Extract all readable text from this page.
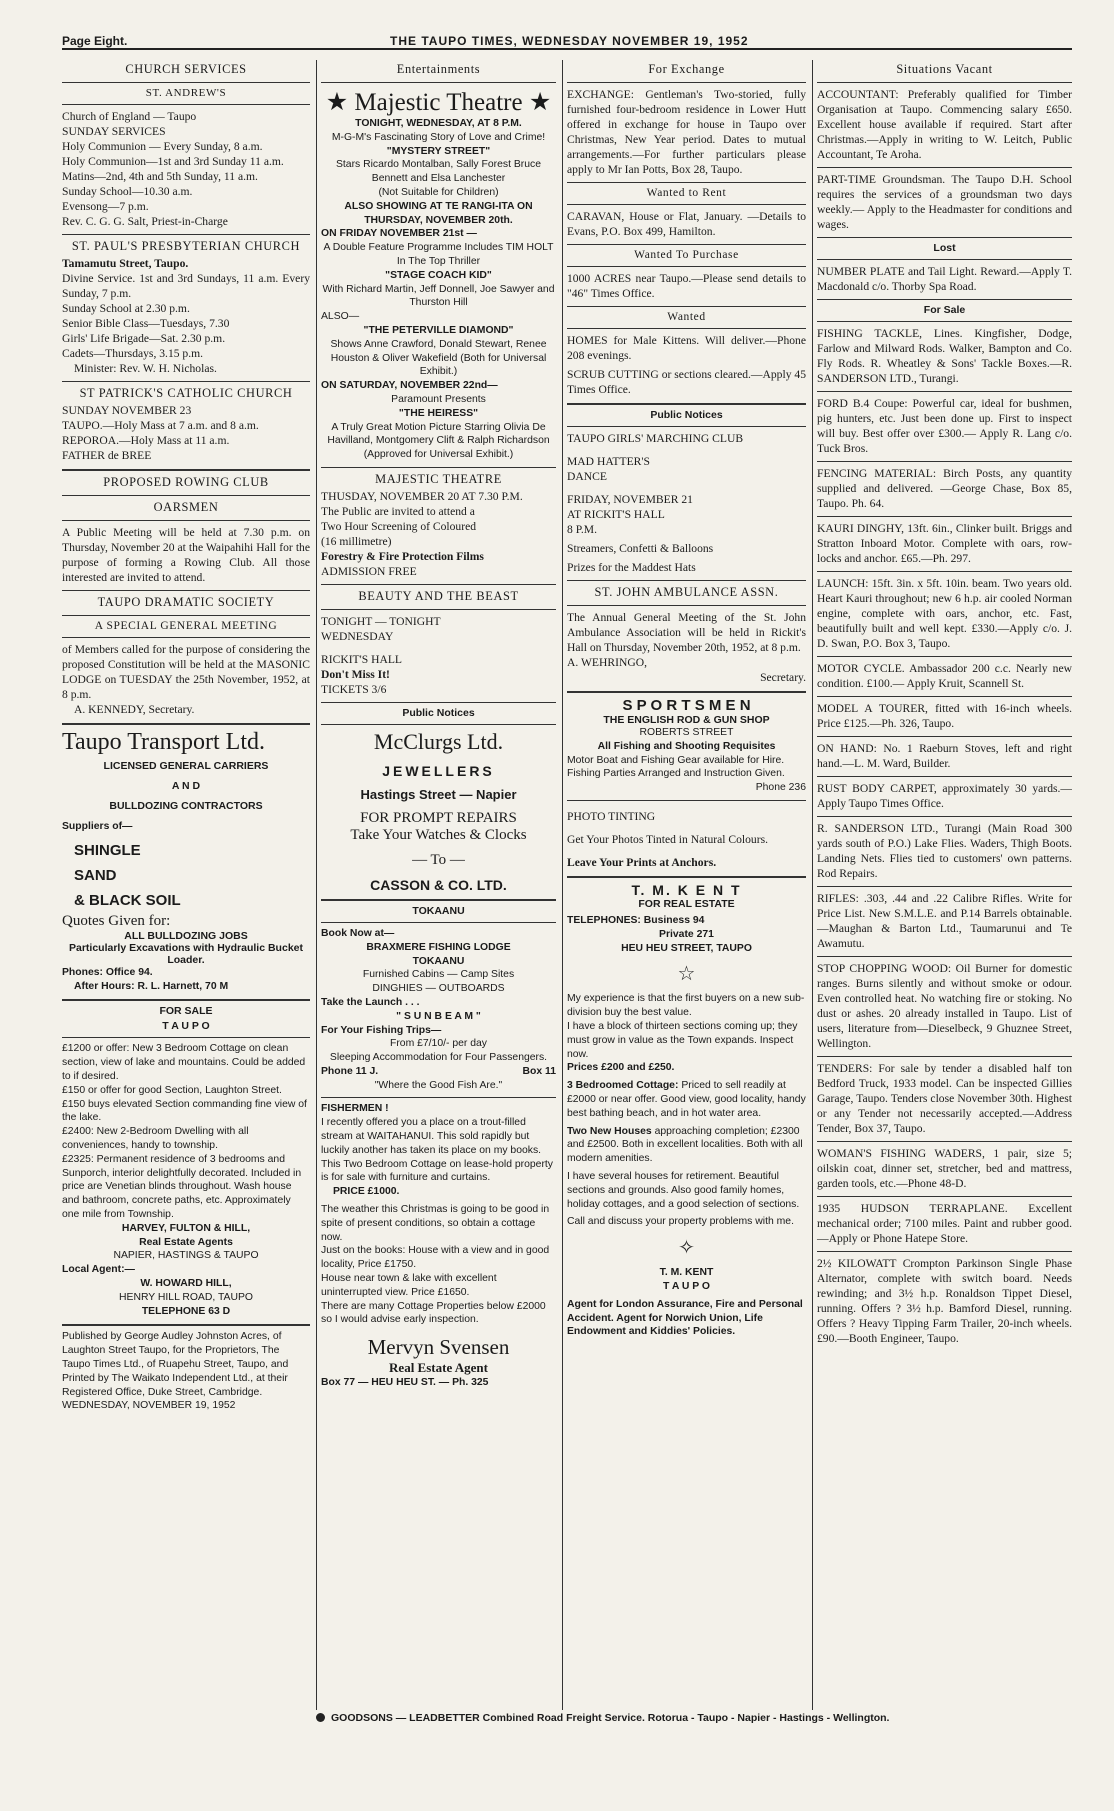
Page Eight.	THE TAUPO TIMES, WEDNESDAY NOVEMBER 19, 1952
CHURCH SERVICES
ST. ANDREW'S
Church of England — Taupo
SUNDAY SERVICES
Holy Communion — Every Sunday, 8 a.m.
Holy Communion—1st and 3rd Sunday 11 a.m.
Matins—2nd, 4th and 5th Sunday, 11 a.m.
Sunday School—10.30 a.m.
Evensong—7 p.m.
Rev. C. G. G. Salt, Priest-in-Charge
ST. PAUL'S PRESBYTERIAN CHURCH
Tamamutu Street, Taupo.
Divine Service. 1st and 3rd Sundays, 11 a.m. Every Sunday, 7 p.m.
Sunday School at 2.30 p.m.
Senior Bible Class—Tuesdays, 7.30
Girls' Life Brigade—Sat. 2.30 p.m.
Cadets—Thursdays, 3.15 p.m.
Minister: Rev. W. H. Nicholas.
ST PATRICK'S CATHOLIC CHURCH
SUNDAY NOVEMBER 23
TAUPO.—Holy Mass at 7 a.m. and 8 a.m.
REPOROA.—Holy Mass at 11 a.m.
FATHER de BREE
PROPOSED ROWING CLUB
OARSMEN
A Public Meeting will be held at 7.30 p.m. on Thursday, November 20 at the Waipahihi Hall for the purpose of forming a Rowing Club. All those interested are invited to attend.
TAUPO DRAMATIC SOCIETY
A SPECIAL GENERAL MEETING
of Members called for the purpose of considering the proposed Constitution will be held at the MASONIC LODGE on TUESDAY the 25th November, 1952, at 8 p.m.
A. KENNEDY, Secretary.
Taupo Transport Ltd.
LICENSED GENERAL CARRIERS
A N D
BULLDOZING CONTRACTORS
Suppliers of—
SHINGLE
SAND
& BLACK SOIL
Quotes Given for:
ALL BULLDOZING JOBS
Particularly Excavations with Hydraulic Bucket Loader.
Phones: Office 94.
After Hours: R. L. Harnett, 70 M
FOR SALE
T A U P O
£1200 or offer: New 3 Bedroom Cottage on clean section, view of lake and mountains. Could be added to if desired.
£150 or offer for good Section, Laughton Street.
£150 buys elevated Section commanding fine view of the lake.
£2400: New 2-Bedroom Dwelling with all conveniences, handy to township.
£2325: Permanent residence of 3 bedrooms and Sunporch, interior delightfully decorated. Included in price are Venetian blinds throughout. Wash house and bathroom, concrete paths, etc. Approximately one mile from Township.
HARVEY, FULTON & HILL,
Real Estate Agents
NAPIER, HASTINGS & TAUPO
Local Agent:—
W. HOWARD HILL,
HENRY HILL ROAD, TAUPO
TELEPHONE 63 D
Published by George Audley Johnston Acres, of Laughton Street Taupo, for the Proprietors, The Taupo Times Ltd., of Ruapehu Street, Taupo, and Printed by The Waikato Independent Ltd., at their Registered Office, Duke Street, Cambridge.
WEDNESDAY, NOVEMBER 19, 1952
Entertainments
★ Majestic Theatre ★
TONIGHT, WEDNESDAY, AT 8 P.M.
M-G-M's Fascinating Story of Love and Crime!
"MYSTERY STREET"
Stars Ricardo Montalban, Sally Forest Bruce Bennett and Elsa Lanchester
(Not Suitable for Children)
ALSO SHOWING AT TE RANGI-ITA ON THURSDAY, NOVEMBER 20th.
ON FRIDAY NOVEMBER 21st —
A Double Feature Programme Includes TIM HOLT In The Top Thriller
"STAGE COACH KID"
With Richard Martin, Jeff Donnell, Joe Sawyer and Thurston Hill
ALSO—
"THE PETERVILLE DIAMOND"
Shows Anne Crawford, Donald Stewart, Renee Houston & Oliver Wakefield (Both for Universal Exhibit.)
ON SATURDAY, NOVEMBER 22nd—
Paramount Presents
"THE HEIRESS"
A Truly Great Motion Picture Starring Olivia De Havilland, Montgomery Clift & Ralph Richardson (Approved for Universal Exhibit.)
MAJESTIC THEATRE
THUSDAY, NOVEMBER 20 AT 7.30 P.M.
The Public are invited to attend a
Two Hour Screening of Coloured
(16 millimetre)
Forestry & Fire Protection Films
ADMISSION FREE
BEAUTY AND THE BEAST
TONIGHT — TONIGHT
WEDNESDAY
RICKIT'S HALL
Don't Miss It!
TICKETS 3/6
Public Notices
McClurgs Ltd.
JEWELLERS
Hastings Street — Napier
FOR PROMPT REPAIRS
Take Your Watches & Clocks
— To —
CASSON & CO. LTD.
TOKAANU
Book Now at—
BRAXMERE FISHING LODGE
TOKAANU
Furnished Cabins — Camp Sites
DINGHIES — OUTBOARDS
Take the Launch . . .
" S U N B E A M "
For Your Fishing Trips—
From £7/10/- per day
Sleeping Accommodation for Four Passengers.
Phone 11 J.	Box 11
"Where the Good Fish Are."
FISHERMEN !
I recently offered you a place on a trout-filled stream at WAITAHANUI. This sold rapidly but luckily another has taken its place on my books. This Two Bedroom Cottage on lease-hold property is for sale with furniture and curtains.
PRICE £1000.
The weather this Christmas is going to be good in spite of present conditions, so obtain a cottage now.
Just on the books: House with a view and in good locality, Price £1750.
House near town & lake with excellent uninterrupted view. Price £1650.
There are many Cottage Properties below £2000 so I would advise early inspection.
Mervyn Svensen
Real Estate Agent
Box 77 — HEU HEU ST. — Ph. 325
For Exchange
EXCHANGE: Gentleman's Two-storied, fully furnished four-bedroom residence in Lower Hutt offered in exchange for house in Taupo over Christmas, New Year period. Dates to mutual arrangements.—For further particulars please apply to Mr Ian Potts, Box 28, Taupo.
Wanted to Rent
CARAVAN, House or Flat, January. —Details to Evans, P.O. Box 499, Hamilton.
Wanted To Purchase
1000 ACRES near Taupo.—Please send details to "46" Times Office.
Wanted
HOMES for Male Kittens. Will deliver.—Phone 208 evenings.
SCRUB CUTTING or sections cleared.—Apply 45 Times Office.
Public Notices
TAUPO GIRLS' MARCHING CLUB
MAD HATTER'S
DANCE
FRIDAY, NOVEMBER 21
AT RICKIT'S HALL
8 P.M.
Streamers, Confetti & Balloons
Prizes for the Maddest Hats
ST. JOHN AMBULANCE ASSN.
The Annual General Meeting of the St. John Ambulance Association will be held in Rickit's Hall on Thursday, November 20th, 1952, at 8 p.m.
A. WEHRINGO,
Secretary.
S P O R T S M E N
THE ENGLISH ROD & GUN SHOP
ROBERTS STREET
All Fishing and Shooting Requisites
Motor Boat and Fishing Gear available for Hire. Fishing Parties Arranged and Instruction Given.
Phone 236
PHOTO TINTING
Get Your Photos Tinted in Natural Colours.
Leave Your Prints at Anchors.
T. M. K E N T
FOR REAL ESTATE
TELEPHONES: Business 94
Private 271
HEU HEU STREET, TAUPO
☆
My experience is that the first buyers on a new sub-division buy the best value.
I have a block of thirteen sections coming up; they must grow in value as the Town expands. Inspect now.
Prices £200 and £250.
3 Bedroomed Cottage: Priced to sell readily at £2000 or near offer. Good view, good locality, handy best bathing beach, and in hot water area.
Two New Houses approaching completion; £2300 and £2500. Both in excellent localities. Both with all modern amenities.
I have several houses for retirement. Beautiful sections and grounds. Also good family homes, holiday cottages, and a good selection of sections.
Call and discuss your property problems with me.
✧
T. M. KENT
T A U P O
Agent for London Assurance, Fire and Personal Accident. Agent for Norwich Union, Life Endowment and Kiddies' Policies.
Situations Vacant
ACCOUNTANT: Preferably qualified for Timber Organisation at Taupo. Commencing salary £650. Excellent house available if required. Start after Christmas.—Apply in writing to W. Leitch, Public Accountant, Te Aroha.
PART-TIME Groundsman. The Taupo D.H. School requires the services of a groundsman two days weekly.— Apply to the Headmaster for conditions and wages.
Lost
NUMBER PLATE and Tail Light. Reward.—Apply T. Macdonald c/o. Thorby Spa Road.
For Sale
FISHING TACKLE, Lines. Kingfisher, Dodge, Farlow and Milward Rods. Walker, Bampton and Co. Fly Rods. R. Wheatley & Sons' Tackle Boxes.—R. SANDERSON LTD., Turangi.
FORD B.4 Coupe: Powerful car, ideal for bushmen, pig hunters, etc. Just been done up. First to inspect will buy. Best offer over £300.— Apply R. Lang c/o. Tuck Bros.
FENCING MATERIAL: Birch Posts, any quantity supplied and delivered. —George Chase, Box 85, Taupo. Ph. 64.
KAURI DINGHY, 13ft. 6in., Clinker built. Briggs and Stratton Inboard Motor. Complete with oars, row-locks and anchor. £65.—Ph. 297.
LAUNCH: 15ft. 3in. x 5ft. 10in. beam. Two years old. Heart Kauri throughout; new 6 h.p. air cooled Norman engine, complete with oars, anchor, etc. Fast, beautifully built and well kept. £330.—Apply c/o. J. D. Swan, P.O. Box 3, Taupo.
MOTOR CYCLE. Ambassador 200 c.c. Nearly new condition. £100.— Apply Kruit, Scannell St.
MODEL A TOURER, fitted with 16-inch wheels. Price £125.—Ph. 326, Taupo.
ON HAND: No. 1 Raeburn Stoves, left and right hand.—L. M. Ward, Builder.
RUST BODY CARPET, approximately 30 yards.—Apply Taupo Times Office.
R. SANDERSON LTD., Turangi (Main Road 300 yards south of P.O.) Lake Flies. Waders, Thigh Boots. Landing Nets. Flies tied to customers' own patterns. Rod Repairs.
RIFLES: .303, .44 and .22 Calibre Rifles. Write for Price List. New S.M.L.E. and P.14 Barrels obtainable.—Maughan & Barton Ltd., Taumarunui and Te Awamutu.
STOP CHOPPING WOOD: Oil Burner for domestic ranges. Burns silently and without smoke or odour. Even controlled heat. No watching fire or stoking. No dust or ashes. 20 already installed in Taupo. List of users, literature from—Dieselbeck, 9 Ghuznee Street, Wellington.
TENDERS: For sale by tender a disabled half ton Bedford Truck, 1933 model. Can be inspected Gillies Garage, Taupo. Tenders close November 30th. Highest or any Tender not necessarily accepted.—Address Tender, Box 37, Taupo.
WOMAN'S FISHING WADERS, 1 pair, size 5; oilskin coat, dinner set, stretcher, bed and mattress, garden tools, etc.—Phone 48-D.
1935 HUDSON TERRAPLANE. Excellent mechanical order; 7100 miles. Paint and rubber good.—Apply or Phone Hatepe Store.
2½ KILOWATT Crompton Parkinson Single Phase Alternator, complete with switch board. Needs rewinding; and 3½ h.p. Ronaldson Tippet Diesel, running. Offers ? 3½ h.p. Bamford Diesel, running. Offers ? Heavy Tipping Farm Trailer, 20-inch wheels. £90.—Booth Engineer, Taupo.
GOODSONS — LEADBETTER Combined Road Freight Service. Rotorua - Taupo - Napier - Hastings - Wellington.
